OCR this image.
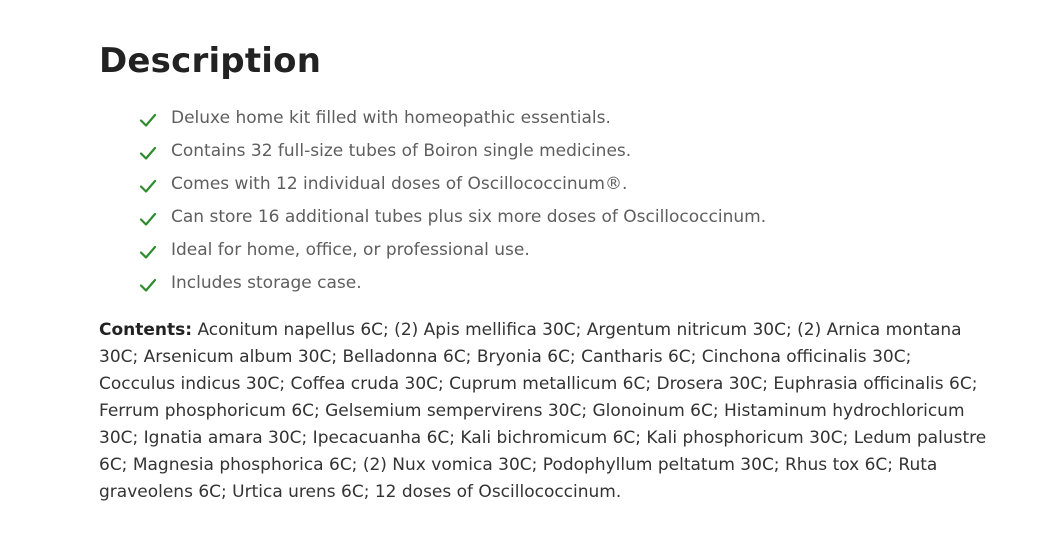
Description
Deluxe home kit filled with homeopathic essentials.
Contains 32 full-size tubes of Boiron single medicines.
Comes with 12 individual doses of Oscillococcinum®.
Can store 16 additional tubes plus six more doses of Oscillococcinum.
Ideal for home, office, or professional use.
Includes storage case.

Contents: Aconitum napellus 6C; (2) Apis mellifica 30C; Argentum nitricum 30C; (2) Arnica montana 30C; Arsenicum album 30C; Belladonna 6C; Bryonia 6C; Cantharis 6C; Cinchona officinalis 30C; Cocculus indicus 30C; Coffea cruda 30C; Cuprum metallicum 6C; Drosera 30C; Euphrasia officinalis 6C; Ferrum phosphoricum 6C; Gelsemium sempervirens 30C; Glonoinum 6C; Histaminum hydrochloricum 30C; Ignatia amara 30C; Ipecacuanha 6C; Kali bichromicum 6C; Kali phosphoricum 30C; Ledum palustre 6C; Magnesia phosphorica 6C; (2) Nux vomica 30C; Podophyllum peltatum 30C; Rhus tox 6C; Ruta graveolens 6C; Urtica urens 6C; 12 doses of Oscillococcinum.
